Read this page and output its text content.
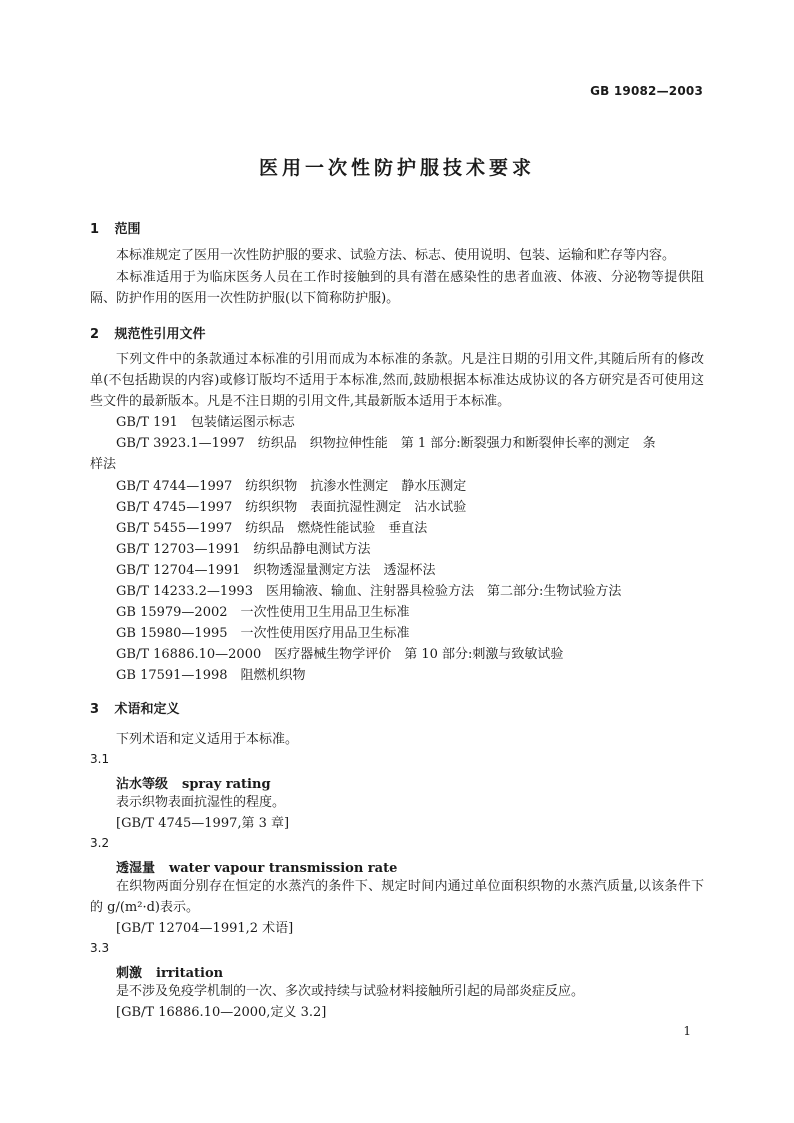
GB 19082—2003
医用一次性防护服技术要求
1 范围
本标准规定了医用一次性防护服的要求、试验方法、标志、使用说明、包装、运输和贮存等内容。
本标准适用于为临床医务人员在工作时接触到的具有潜在感染性的患者血液、体液、分泌物等提供阻隔、防护作用的医用一次性防护服(以下简称防护服)。
2 规范性引用文件
下列文件中的条款通过本标准的引用而成为本标准的条款。凡是注日期的引用文件,其随后所有的修改单(不包括勘误的内容)或修订版均不适用于本标准,然而,鼓励根据本标准达成协议的各方研究是否可使用这些文件的最新版本。凡是不注日期的引用文件,其最新版本适用于本标准。
GB/T 191　包装储运图示标志
GB/T 3923.1—1997　纺织品　织物拉伸性能　第 1 部分:断裂强力和断裂伸长率的测定　条
样法
GB/T 4744—1997　纺织织物　抗渗水性测定　静水压测定
GB/T 4745—1997　纺织织物　表面抗湿性测定　沾水试验
GB/T 5455—1997　纺织品　燃烧性能试验　垂直法
GB/T 12703—1991　纺织品静电测试方法
GB/T 12704—1991　织物透湿量测定方法　透湿杯法
GB/T 14233.2—1993　医用输液、输血、注射器具检验方法　第二部分:生物试验方法
GB 15979—2002　一次性使用卫生用品卫生标准
GB 15980—1995　一次性使用医疗用品卫生标准
GB/T 16886.10—2000　医疗器械生物学评价　第 10 部分:刺激与致敏试验
GB 17591—1998　阻燃机织物
3 术语和定义
下列术语和定义适用于本标准。
3.1
沾水等级 spray rating
表示织物表面抗湿性的程度。
[GB/T 4745—1997,第 3 章]
3.2
透湿量 water vapour transmission rate
在织物两面分别存在恒定的水蒸汽的条件下、规定时间内通过单位面积织物的水蒸汽质量,以该条件下的 g/(m²·d)表示。
[GB/T 12704—1991,2 术语]
3.3
刺激 irritation
是不涉及免疫学机制的一次、多次或持续与试验材料接触所引起的局部炎症反应。
[GB/T 16886.10—2000,定义 3.2]
1
